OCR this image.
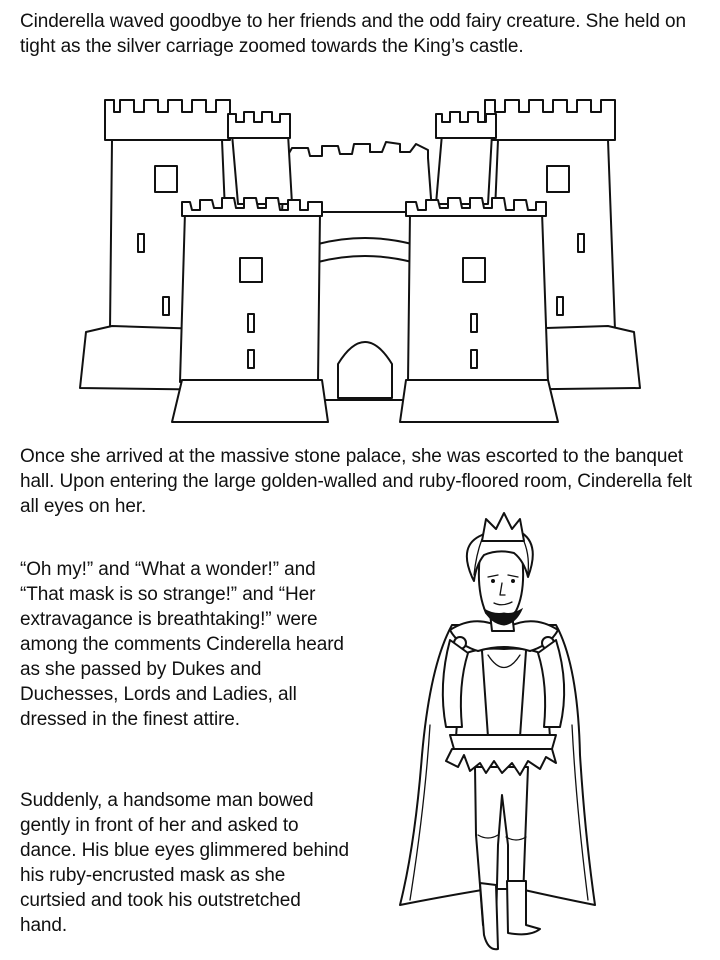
Cinderella waved goodbye to her friends and the odd fairy creature. She held on tight as the silver carriage zoomed towards the King’s castle.

Once she arrived at the massive stone palace, she was escorted to the banquet hall. Upon entering the large golden-walled and ruby-floored room, Cinderella felt all eyes on her.

“Oh my!” and “What a wonder!” and “That mask is so strange!” and “Her extravagance is breathtaking!” were among the comments Cinderella heard as she passed by Dukes and Duchesses, Lords and Ladies, all dressed in the finest attire.

Suddenly, a handsome man bowed gently in front of her and asked to dance. His blue eyes glimmered behind his ruby-encrusted mask as she curtsied and took his outstretched hand.
